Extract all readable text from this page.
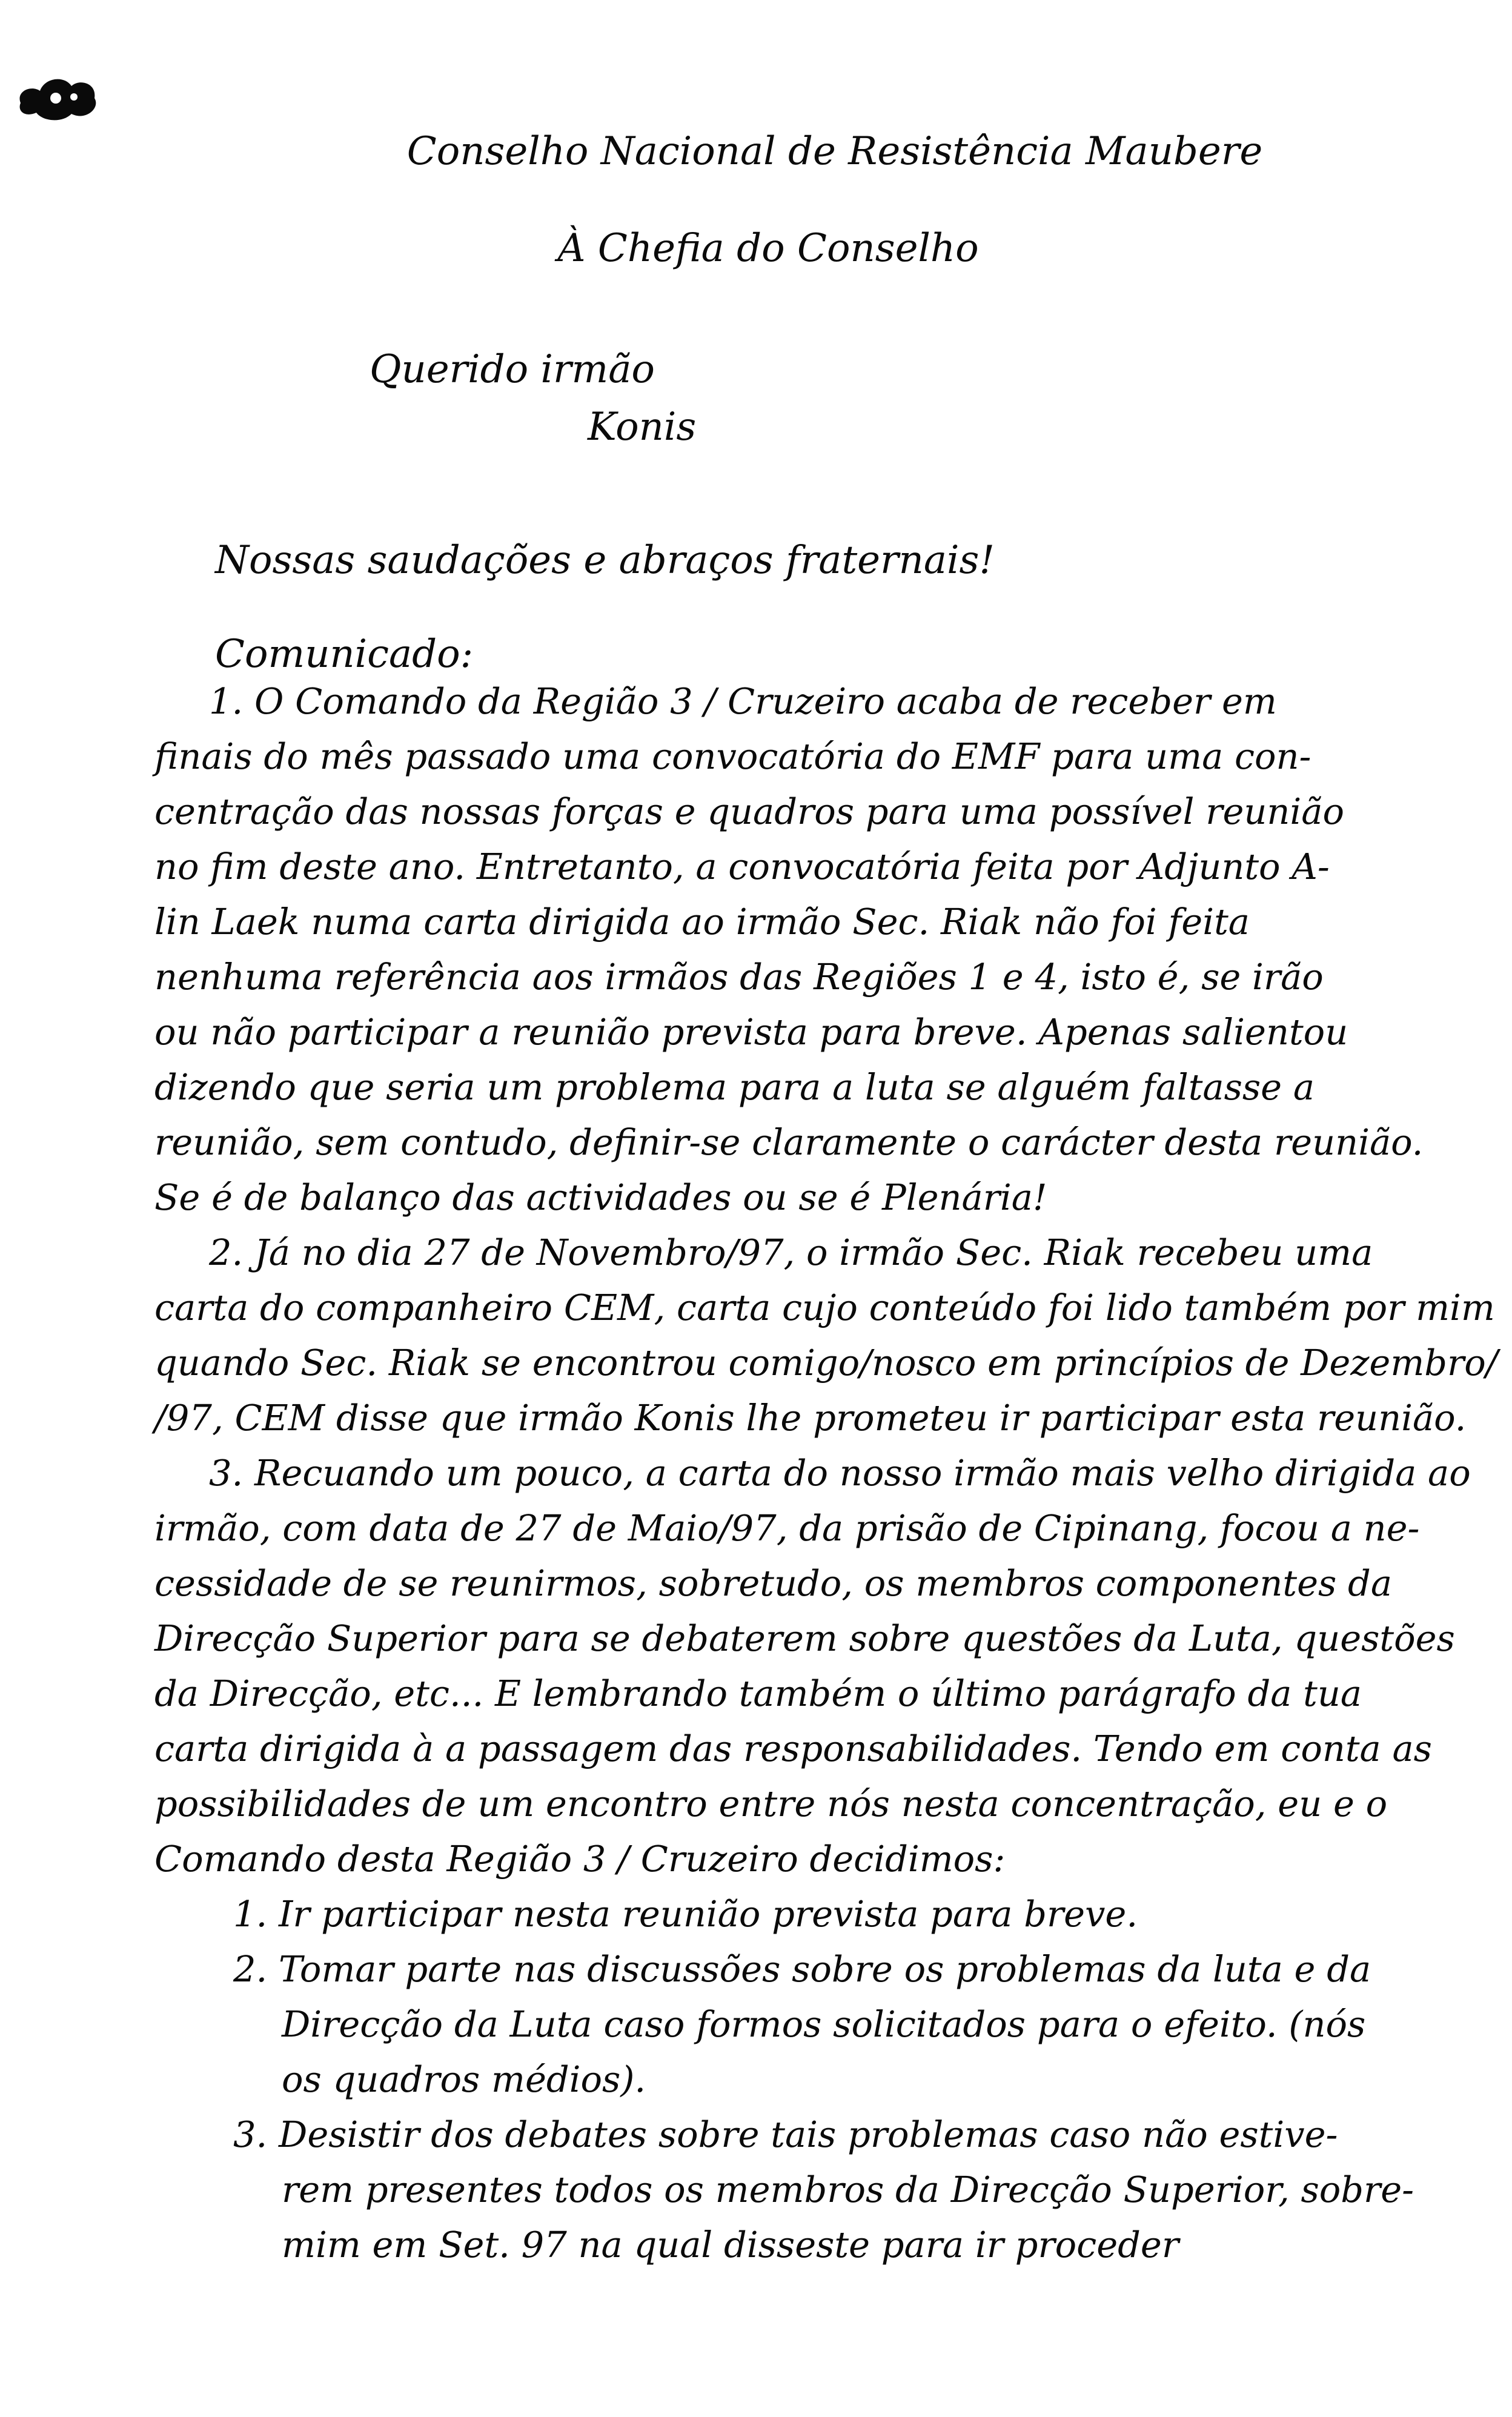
Conselho Nacional de Resistência Maubere
À Chefia do Conselho
Querido irmão
Konis
Nossas saudações e abraços fraternais!
Comunicado:
1. O Comando da Região 3 / Cruzeiro acaba de receber em
finais do mês passado uma convocatória do EMF para uma con-
centração das nossas forças e quadros para uma possível reunião
no fim deste ano. Entretanto, a convocatória feita por Adjunto A-
lin Laek numa carta dirigida ao irmão Sec. Riak não foi feita
nenhuma referência aos irmãos das Regiões 1 e 4, isto é, se irão
ou não participar a reunião prevista para breve. Apenas salientou
dizendo que seria um problema para a luta se alguém faltasse a
reunião, sem contudo, definir-se claramente o carácter desta reunião.
Se é de balanço das actividades ou se é Plenária!
2. Já no dia 27 de Novembro/97, o irmão Sec. Riak recebeu uma
carta do companheiro CEM, carta cujo conteúdo foi lido também por mim
quando Sec. Riak se encontrou comigo/nosco em princípios de Dezembro/
/97, CEM disse que irmão Konis lhe prometeu ir participar esta reunião.
3. Recuando um pouco, a carta do nosso irmão mais velho dirigida ao
irmão, com data de 27 de Maio/97, da prisão de Cipinang, focou a ne-
cessidade de se reunirmos, sobretudo, os membros componentes da
Direcção Superior para se debaterem sobre questões da Luta, questões
da Direcção, etc... E lembrando também o último parágrafo da tua
carta dirigida à a passagem das responsabilidades. Tendo em conta as
possibilidades de um encontro entre nós nesta concentração, eu e o
Comando desta Região 3 / Cruzeiro decidimos:
1. Ir participar nesta reunião prevista para breve.
2. Tomar parte nas discussões sobre os problemas da luta e da
Direcção da Luta caso formos solicitados para o efeito. (nós
os quadros médios).
3. Desistir dos debates sobre tais problemas caso não estive-
rem presentes todos os membros da Direcção Superior, sobre-
mim em Set. 97 na qual disseste para ir proceder
